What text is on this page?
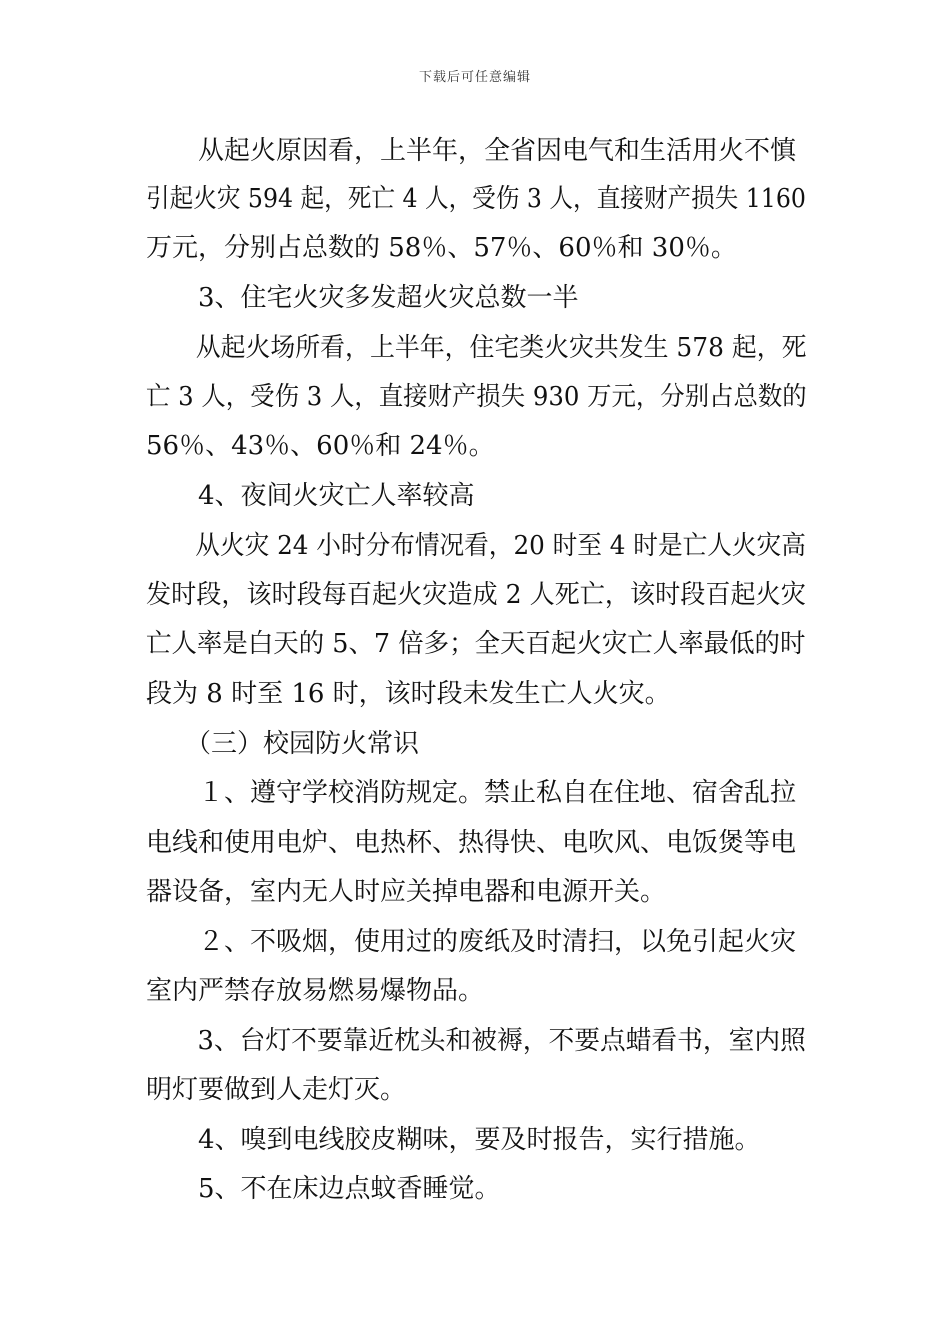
下载后可任意编辑
　　从起火原因看，上半年，全省因电气和生活用火不慎
引起火灾 594 起，死亡 4 人，受伤 3 人，直接财产损失 1160
万元，分别占总数的 58％、57％、60％和 30％。
　　3、住宅火灾多发超火灾总数一半
　　从起火场所看，上半年，住宅类火灾共发生 578 起，死
亡 3 人，受伤 3 人，直接财产损失 930 万元，分别占总数的
56％、43％、60％和 24％。
　　4、夜间火灾亡人率较高
　　从火灾 24 小时分布情况看，20 时至 4 时是亡人火灾高
发时段，该时段每百起火灾造成 2 人死亡，该时段百起火灾
亡人率是白天的 5、7 倍多；全天百起火灾亡人率最低的时
段为 8 时至 16 时，该时段未发生亡人火灾。
　　（三）校园防火常识
　　１、遵守学校消防规定。禁止私自在住地、宿舍乱拉
电线和使用电炉、电热杯、热得快、电吹风、电饭煲等电
器设备，室内无人时应关掉电器和电源开关。
　　２、不吸烟，使用过的废纸及时清扫，以免引起火灾
室内严禁存放易燃易爆物品。
　　3、台灯不要靠近枕头和被褥，不要点蜡看书，室内照
明灯要做到人走灯灭。
　　4、嗅到电线胶皮糊味，要及时报告，实行措施。
　　5、不在床边点蚊香睡觉。
